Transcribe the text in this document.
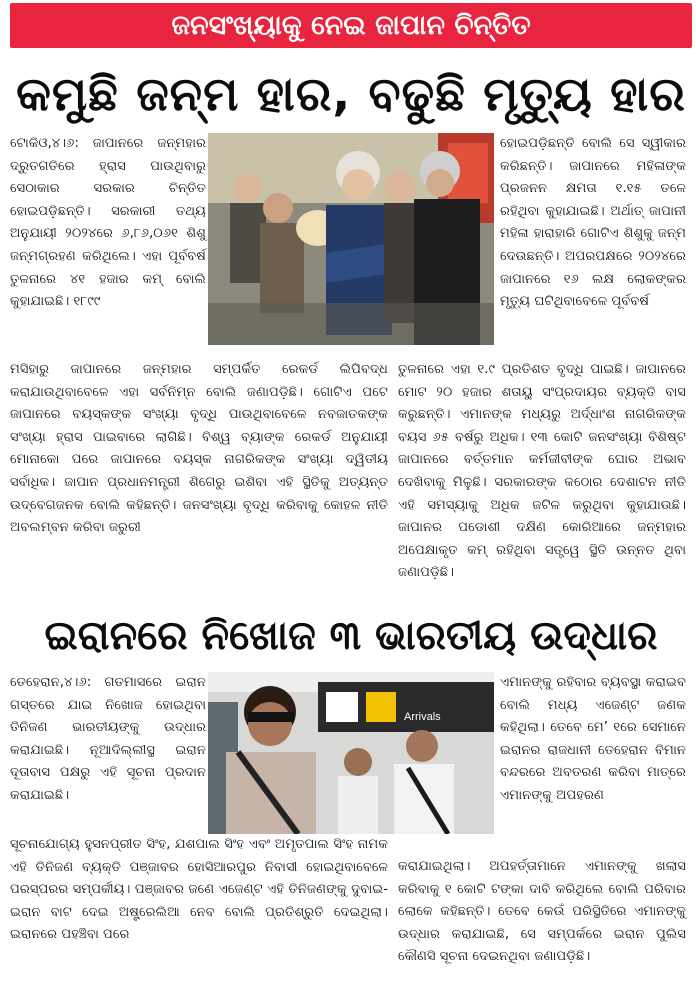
ଜନସଂଖ୍ୟାକୁ ନେଇ ଜାପାନ ଚିନ୍ତିତ
କମୁଛି ଜନ୍ମ ହାର, ବଢୁଛି ମୃତ୍ୟୁ ହାର

ଟୋକିଓ,୪।୬: ଜାପାନରେ ଜନ୍ମହାର ଦ୍ରୁତଗତିରେ ହ୍ରାସ ପାଉଥିବାରୁ ସେଠାକାର ସରକାର ଚିନ୍ତିତ ହୋଇପଡ଼ିଛନ୍ତି। ସରକାରୀ ତଥ୍ୟ ଅନୁଯାୟୀ ୨୦୨୪ରେ ୬,୮୬,୦୬୧ ଶିଶୁ ଜନ୍ମଗ୍ରହଣ କରିଥିଲେ। ଏହା ପୂର୍ବବର୍ଷ ତୁଳନାରେ ୪୧ ହଜାର କମ୍ ବୋଲି କୁହାଯାଇଛି। ୧୮୯୯

ହୋଇପଡ଼ିଛନ୍ତି ବୋଲି ସେ ସ୍ୱୀକାର କରିଛନ୍ତି। ଜାପାନରେ ମହିଳାଙ୍କ ପ୍ରଜନନ କ୍ଷମତା ୧.୧୫ ତଳେ ରହିଥିବା କୁହାଯାଇଛି। ଅର୍ଥାତ୍ ଜାପାନୀ ମହିଳା ହାରାହାରି ଗୋଟିଏ ଶିଶୁକୁ ଜନ୍ମ ଦେଉଛନ୍ତି। ଅପରପକ୍ଷରେ ୨୦୨୪ରେ ଜାପାନରେ ୧୬ ଲକ୍ଷ ଲୋକଙ୍କର ମୃତ୍ୟୁ ଘଟିଥିବାବେଳେ ପୂର୍ବବର୍ଷ

ମସିହାରୁ ଜାପାନରେ ଜନ୍ମହାର ସମ୍ପର୍କିତ ରେକର୍ଡ ଲିପିବଦ୍ଧ କରାଯାଉଥିବାବେଳେ ଏହା ସର୍ବନିମ୍ନ ବୋଲି ଜଣାପଡ଼ିଛି। ଗୋଟିଏ ପଟେ ଜାପାନରେ ବୟସ୍କଙ୍କ ସଂଖ୍ୟା ବୃଦ୍ଧି ପାଉଥିବାବେଳେ ନବଜାତକଙ୍କ ସଂଖ୍ୟା ହ୍ରାସ ପାଇବାରେ ଲାଗିଛି। ବିଶ୍ୱ ବ୍ୟାଙ୍କ ରେକର୍ଡ ଅନୁଯାୟୀ ମୋନାକୋ ପରେ ଜାପାନରେ ବୟସ୍କ ନାଗରିକଙ୍କ ସଂଖ୍ୟା ଦ୍ୱିତୀୟ ସର୍ବାଧିକ। ଜାପାନ ପ୍ରଧାନମନ୍ତ୍ରୀ ଶିଗେରୁ ଇଶିବା ଏହି ସ୍ଥିତିକୁ ଅତ୍ୟନ୍ତ ଉଦ୍‌ବେଗଜନକ ବୋଲି କହିଛନ୍ତି। ଜନସଂଖ୍ୟା ବୃଦ୍ଧି କରିବାକୁ କୋହଳ ନୀତି ଅବଲମ୍ବନ କରିବା ଜରୁରୀ

ତୁଳନାରେ ଏହା ୧.୯ ପ୍ରତିଶତ ବୃଦ୍ଧି ପାଇଛି। ଜାପାନରେ ମୋଟ ୨୦ ହଜାର ଶତାୟୁ ସଂପ୍ରଦାୟର ବ୍ୟକ୍ତି ବାସ କରୁଛନ୍ତି। ଏମାନଙ୍କ ମଧ୍ୟରୁ ଅର୍ଦ୍ଧାଂଶ ନାଗରିକଙ୍କ ବୟସ ୬୫ ବର୍ଷରୁ ଅଧିକ। ୧୩ କୋଟି ଜନସଂଖ୍ୟା ବିଶିଷ୍ଟ ଜାପାନରେ ବର୍ତ୍ତମାନ କର୍ମଜୀବୀଙ୍କ ଘୋର ଅଭାବ ଦେଖିବାକୁ ମିଳୁଛି। ସରକାରଙ୍କ କଠୋର ଦେଶାଟନ ନୀତି ଏହି ସମସ୍ୟାକୁ ଅଧିକ ଜଟିଳ କରୁଥିବା କୁହାଯାଉଛି। ଜାପାନର ପଡୋଶୀ ଦକ୍ଷିଣ କୋରିଆରେ ଜନ୍ମହାର ଅପେକ୍ଷାକୃତ କମ୍ ରହିଥିବା ସତ୍ତ୍ୱେ ସ୍ଥିତି ଉନ୍ନତ ଥିବା ଜଣାପଡ଼ିଛି।

ଇରାନରେ ନିଖୋଜ ୩ ଭାରତୀୟ ଉଦ୍ଧାର

ତେହେରାନ,୪।୬: ଗତମାସରେ ଇରାନ ଗସ୍ତରେ ଯାଇ ନିଖୋଜ ହୋଇଥିବା ତିନିଜଣ ଭାରତୀୟଙ୍କୁ ଉଦ୍ଧାର କରାଯାଇଛି। ନୂଆଦିଲ୍ଲୀସ୍ଥ ଇରାନ ଦୂତାବାସ ପକ୍ଷରୁ ଏହି ସୂଚନା ପ୍ରଦାନ କରାଯାଇଛି।

Arrivals

ଏମାନଙ୍କୁ ରହିବାର ବ୍ୟବସ୍ଥା କରାଇବ ବୋଲି ମଧ୍ୟ ଏଜେଣ୍ଟ ଜଣକ କହିଥିଲା। ତେବେ ମେ’ ୧ରେ ସେମାନେ ଇରାନର ରାଜଧାନୀ ତେହେରାନ ବିମାନ ବନ୍ଦରରେ ଅବତରଣ କରିବା ମାତ୍ରେ ଏମାନଙ୍କୁ ଅପହରଣ

ସୂଚନାଯୋଗ୍ୟ ହୁସନପ୍ରୀତ ସିଂହ, ଯଶପାଲ ସିଂହ ଏବଂ ଅମୃତପାଲ ସିଂହ ନାମକ ଏହି ତିନିଜଣ ବ୍ୟକ୍ତି ପଞ୍ଜାବର ହୋସିଆରପୁର ନିବାସୀ ହୋଇଥିବାବେଳେ ପରସ୍ପରର ସମ୍ପର୍କୀୟ। ପଞ୍ଜାବର ଜଣେ ଏଜେଣ୍ଟ ଏହି ତିନିଜଣଙ୍କୁ ଦୁବାଇ-ଇରାନ ବାଟ ଦେଇ ଅଷ୍ଟ୍ରେଲିଆ ନେବ ବୋଲି ପ୍ରତିଶ୍ରୁତି ଦେଇଥିଲା। ଇରାନରେ ପହଞ୍ଚିବା ପରେ

କରାଯାଇଥିଲା। ଅପହର୍ତ୍ତାମାନେ ଏମାନଙ୍କୁ ଖଲାସ କରିବାକୁ ୧ କୋଟି ଟଙ୍କା ଦାବି କରିଥିଲେ ବୋଲି ପରିବାର ଲୋକେ କହିଛନ୍ତି। ତେବେ କେଉଁ ପରିସ୍ଥିତିରେ ଏମାନଙ୍କୁ ଉଦ୍ଧାର କରାଯାଇଛି, ସେ ସମ୍ପର୍କରେ ଇରାନ ପୁଲିସ କୌଣସି ସୂଚନା ଦେଇନଥିବା ଜଣାପଡ଼ିଛି।
